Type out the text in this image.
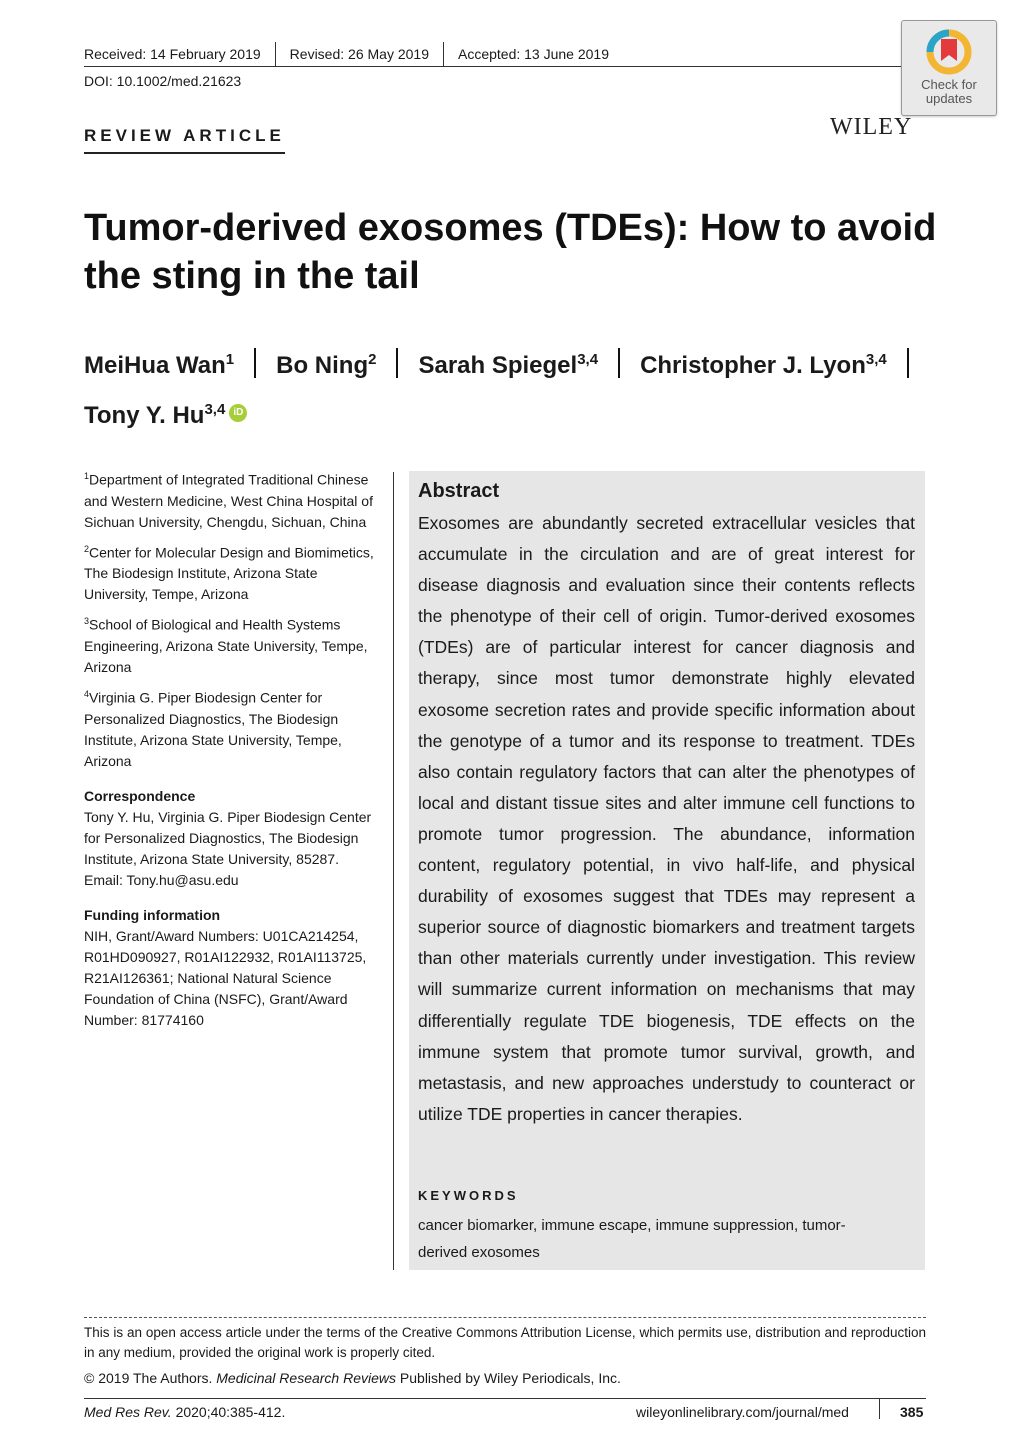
Received: 14 February 2019 Revised: 26 May 2019 Accepted: 13 June 2019
DOI: 10.1002/med.21623	Check for
updates
WILEY
REVIEW ARTICLE
Tumor-derived exosomes (TDEs): How to avoid
the sting in the tail
MeiHua Wan$^1$ Bo Ning$^2$ Sarah Spiegel$^{3,4}$ Christopher J. Lyon$^{3,4}$
Tony Y. Hu$^{3,4}$ iD
$^1$Department of Integrated Traditional Chinese and Western Medicine, West China Hospital of Sichuan University, Chengdu, Sichuan, China
$^2$Center for Molecular Design and Biomimetics, The Biodesign Institute, Arizona State University, Tempe, Arizona
$^3$School of Biological and Health Systems Engineering, Arizona State University, Tempe, Arizona
$^4$Virginia G. Piper Biodesign Center for Personalized Diagnostics, The Biodesign Institute, Arizona State University, Tempe, Arizona
Correspondence
Tony Y. Hu, Virginia G. Piper Biodesign Center for Personalized Diagnostics, The Biodesign Institute, Arizona State University, 85287.
Email: Tony.hu@asu.edu
Funding information
NIH, Grant/Award Numbers: U01CA214254, R01HD090927, R01AI122932, R01AI113725, R21AI126361; National Natural Science Foundation of China (NSFC), Grant/Award Number: 81774160
Abstract
Exosomes are abundantly secreted extracellular vesicles that accumulate in the circulation and are of great interest for disease diagnosis and evaluation since their contents reflects the phenotype of their cell of origin. Tumor-derived exosomes (TDEs) are of particular interest for cancer diagnosis and therapy, since most tumor demonstrate highly elevated exosome secretion rates and provide specific information about the genotype of a tumor and its response to treatment. TDEs also contain regulatory factors that can alter the phenotypes of local and distant tissue sites and alter immune cell functions to promote tumor progression. The abundance, information content, regulatory potential, in vivo half-life, and physical durability of exosomes suggest that TDEs may represent a superior source of diagnostic biomarkers and treatment targets than other materials currently under investigation. This review will summarize current information on mechanisms that may differentially regulate TDE biogenesis, TDE effects on the immune system that promote tumor survival, growth, and metastasis, and new approaches understudy to counteract or utilize TDE properties in cancer therapies.
KEYWORDS
cancer biomarker, immune escape, immune suppression, tumor-
derived exosomes
This is an open access article under the terms of the Creative Commons Attribution License, which permits use, distribution and reproduction in any medium, provided the original work is properly cited.
© 2019 The Authors. Medicinal Research Reviews Published by Wiley Periodicals, Inc.
Med Res Rev. 2020;40:385-412.	wileyonlinelibrary.com/journal/med	385
